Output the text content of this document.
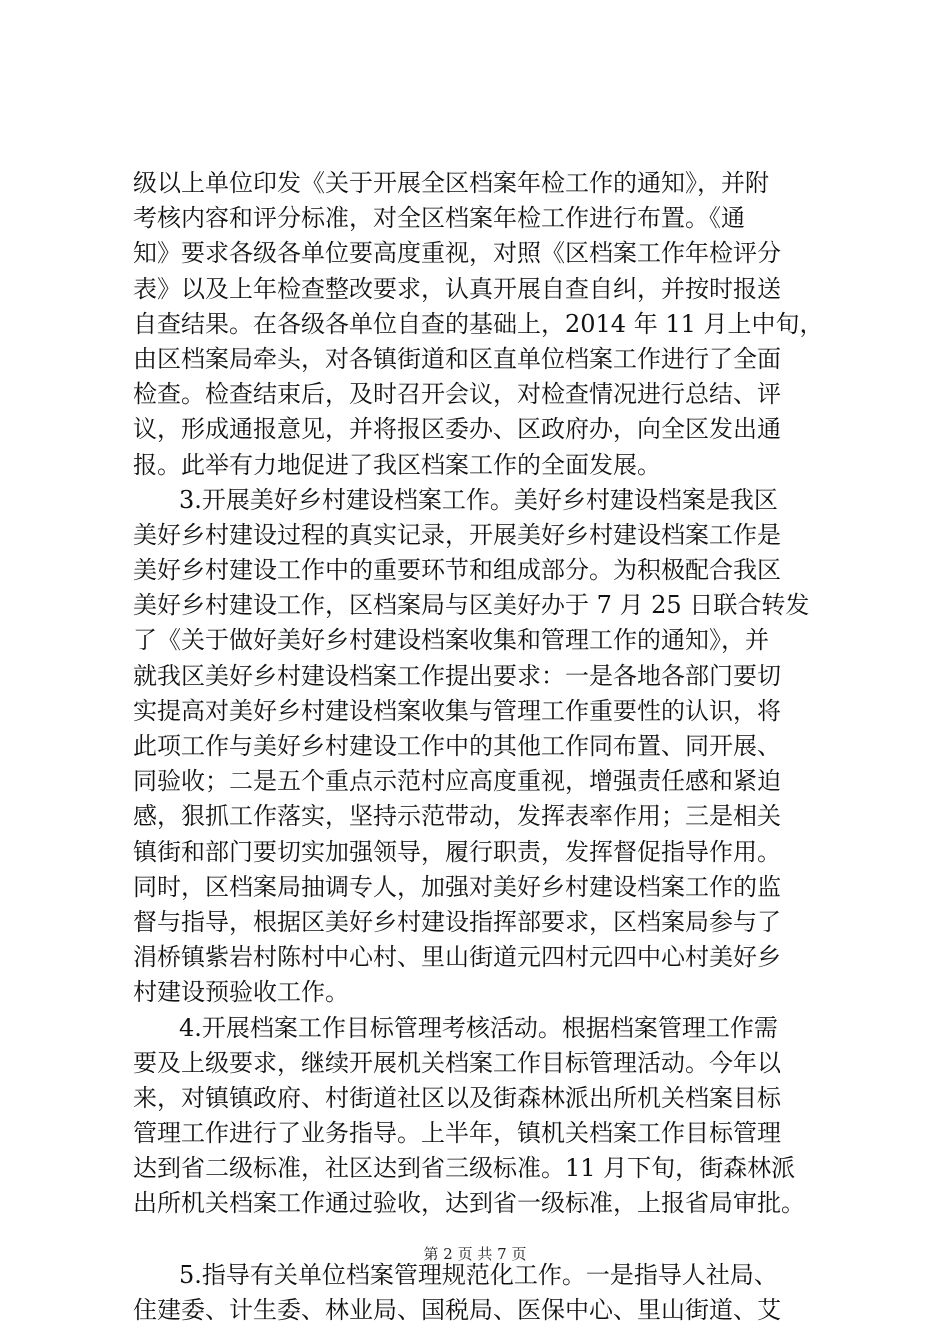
级以上单位印发《关于开展全区档案年检工作的通知》，并附
考核内容和评分标准，对全区档案年检工作进行布置。《通
知》要求各级各单位要高度重视，对照《区档案工作年检评分
表》以及上年检查整改要求，认真开展自查自纠，并按时报送
自查结果。在各级各单位自查的基础上，2014 年 11 月上中旬，
由区档案局牵头，对各镇街道和区直单位档案工作进行了全面
检查。检查结束后，及时召开会议，对检查情况进行总结、评
议，形成通报意见，并将报区委办、区政府办，向全区发出通
报。此举有力地促进了我区档案工作的全面发展。
3.开展美好乡村建设档案工作。美好乡村建设档案是我区
美好乡村建设过程的真实记录，开展美好乡村建设档案工作是
美好乡村建设工作中的重要环节和组成部分。为积极配合我区
美好乡村建设工作，区档案局与区美好办于 7 月 25 日联合转发
了《关于做好美好乡村建设档案收集和管理工作的通知》，并
就我区美好乡村建设档案工作提出要求：一是各地各部门要切
实提高对美好乡村建设档案收集与管理工作重要性的认识，将
此项工作与美好乡村建设工作中的其他工作同布置、同开展、
同验收；二是五个重点示范村应高度重视，增强责任感和紧迫
感，狠抓工作落实，坚持示范带动，发挥表率作用；三是相关
镇街和部门要切实加强领导，履行职责，发挥督促指导作用。
同时，区档案局抽调专人，加强对美好乡村建设档案工作的监
督与指导，根据区美好乡村建设指挥部要求，区档案局参与了
涓桥镇紫岩村陈村中心村、里山街道元四村元四中心村美好乡
村建设预验收工作。
4.开展档案工作目标管理考核活动。根据档案管理工作需
要及上级要求，继续开展机关档案工作目标管理活动。今年以
来，对镇镇政府、村街道社区以及街森林派出所机关档案目标
管理工作进行了业务指导。上半年，镇机关档案工作目标管理
达到省二级标准，社区达到省三级标准。11 月下旬，街森林派
出所机关档案工作通过验收，达到省一级标准，上报省局审批。
5.指导有关单位档案管理规范化工作。一是指导人社局、
住建委、计生委、林业局、国税局、医保中心、里山街道、艾
第 2 页 共 7 页
